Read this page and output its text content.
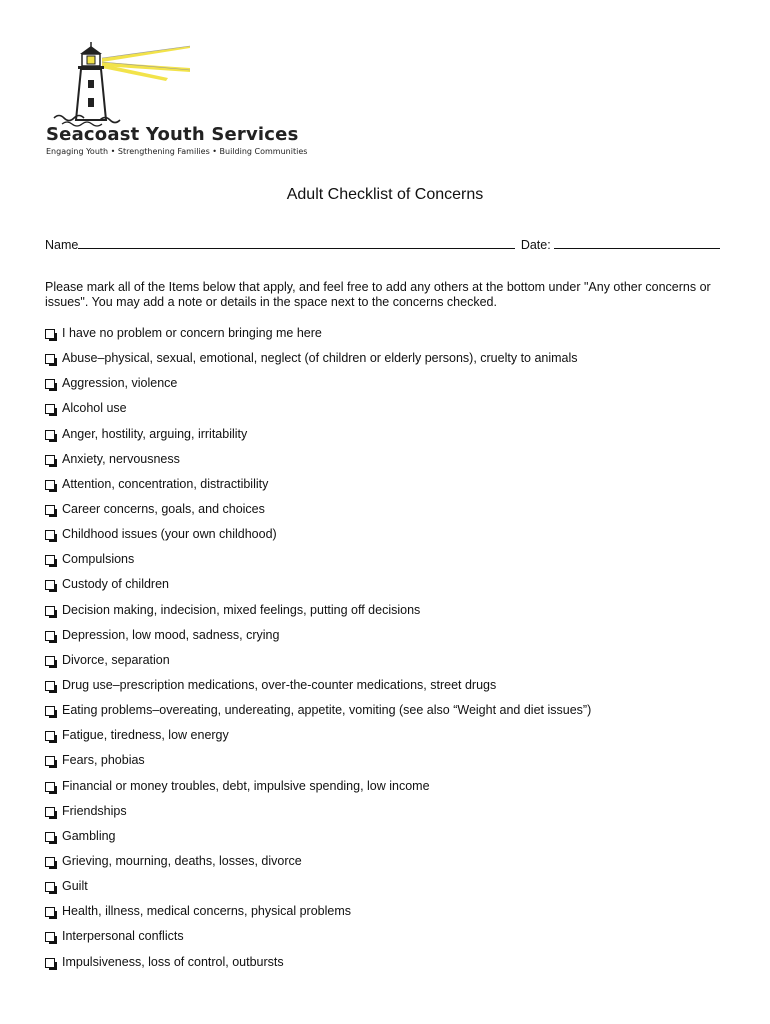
Seacoast Youth Services
Engaging Youth • Strengthening Families • Building Communities
Adult Checklist of Concerns
Name	Date:
Please mark all of the Items below that apply, and feel free to add any others at the bottom under "Any other concerns or issues". You may add a note or details in the space next to the concerns checked.
I have no problem or concern bringing me here
Abuse–physical, sexual, emotional, neglect (of children or elderly persons), cruelty to animals
Aggression, violence
Alcohol use
Anger, hostility, arguing, irritability
Anxiety, nervousness
Attention, concentration, distractibility
Career concerns, goals, and choices
Childhood issues (your own childhood)
Compulsions
Custody of children
Decision making, indecision, mixed feelings, putting off decisions
Depression, low mood, sadness, crying
Divorce, separation
Drug use–prescription medications, over-the-counter medications, street drugs
Eating problems–overeating, undereating, appetite, vomiting (see also “Weight and diet issues”)
Fatigue, tiredness, low energy
Fears, phobias
Financial or money troubles, debt, impulsive spending, low income
Friendships
Gambling
Grieving, mourning, deaths, losses, divorce
Guilt
Health, illness, medical concerns, physical problems
Interpersonal conflicts
Impulsiveness, loss of control, outbursts
